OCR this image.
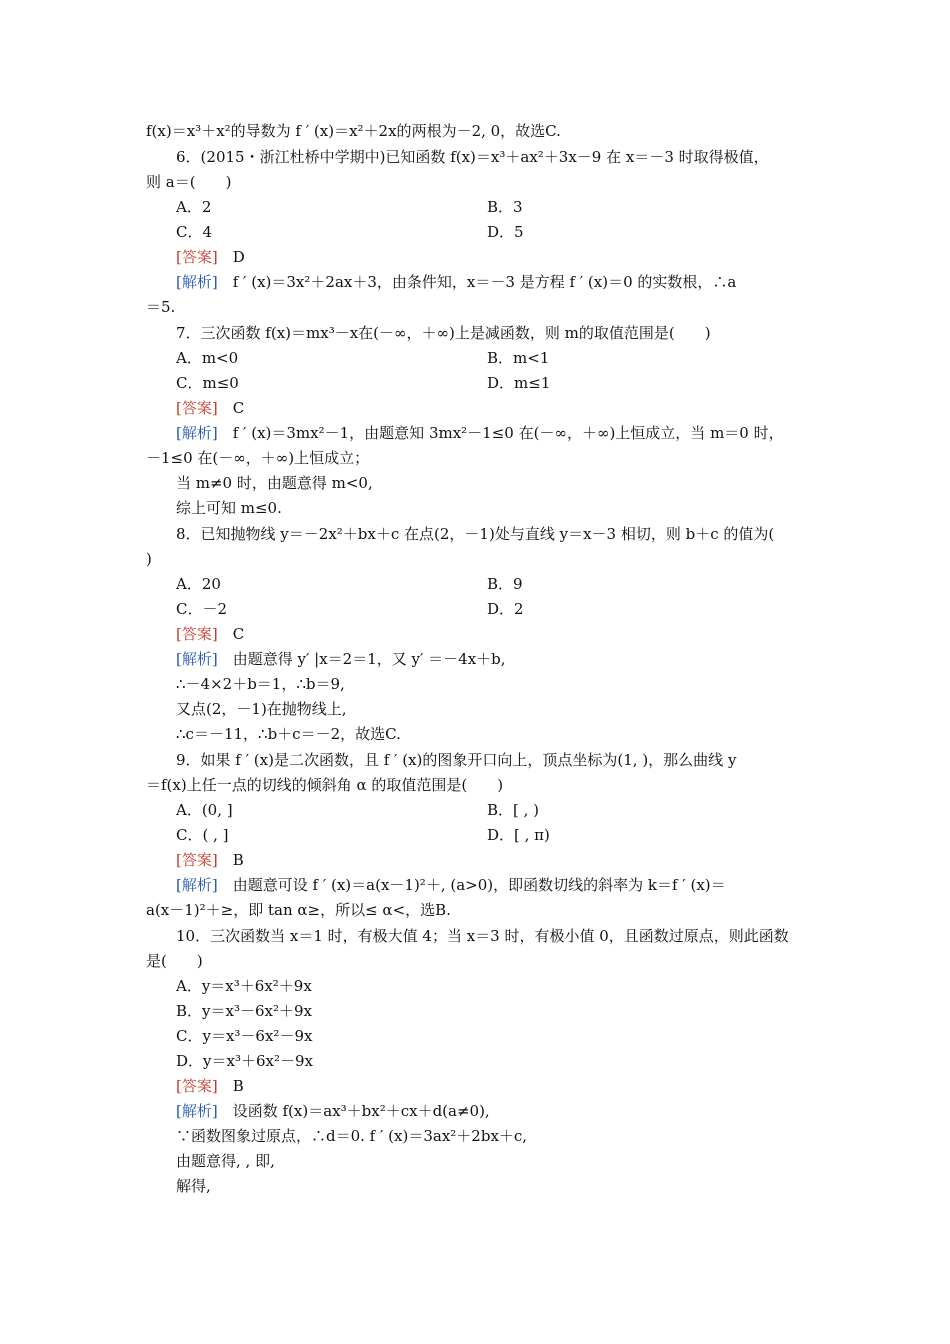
f(x)＝x³＋x²的导数为 f ′ (x)＝x²＋2x的两根为－2, 0，故选C.
6．(2015・浙江杜桥中学期中)已知函数 f(x)＝x³＋ax²＋3x－9 在 x＝－3 时取得极值，
则 a＝(　　)
A．2	B．3
C．4	D．5
[答案]　 D
[解析]　 f ′ (x)＝3x²＋2ax＋3，由条件知，x＝－3 是方程 f ′ (x)＝0 的实数根，∴a
＝5.
7．三次函数 f(x)＝mx³－x在(－∞，＋∞)上是减函数，则 m的取值范围是(　　)
A．m<0	B．m<1
C．m≤0	D．m≤1
[答案]　 C
[解析]　 f ′ (x)＝3mx²－1，由题意知 3mx²－1≤0 在(－∞，＋∞)上恒成立，当 m＝0 时，
－1≤0 在(－∞，＋∞)上恒成立；
当 m≠0 时，由题意得 m<0,
综上可知 m≤0.
8．已知抛物线 y＝－2x²＋bx＋c 在点(2，－1)处与直线 y＝x－3 相切，则 b＋c 的值为(
)
A．20	B．9
C．－2	D．2
[答案]　 C
[解析]　 由题意得 y′ |x＝2＝1，又 y′ ＝－4x＋b,
∴－4×2＋b＝1，∴b＝9,
又点(2，－1)在抛物线上,
∴c＝－11，∴b＋c＝－2，故选C.
9．如果 f ′ (x)是二次函数，且 f ′ (x)的图象开口向上，顶点坐标为(1, )，那么曲线 y
＝f(x)上任一点的切线的倾斜角 α 的取值范围是(　　)
A．(0, ]	B．[ , )
C．( , ]	D．[ , π)
[答案]　 B
[解析]　 由题意可设 f ′ (x)＝a(x－1)²＋, (a>0)，即函数切线的斜率为 k＝f ′ (x)＝
a(x－1)²＋≥，即 tan α≥，所以≤ α<，选B.
10．三次函数当 x＝1 时，有极大值 4；当 x＝3 时，有极小值 0，且函数过原点，则此函数
是(　　)
A．y＝x³＋6x²＋9x
B．y＝x³－6x²＋9x
C．y＝x³－6x²－9x
D．y＝x³＋6x²－9x
[答案]　 B
[解析]　 设函数 f(x)＝ax³＋bx²＋cx＋d(a≠0),
∵函数图象过原点，∴d＝0. f ′ (x)＝3ax²＋2bx＋c,
由题意得, , 即,
解得,
